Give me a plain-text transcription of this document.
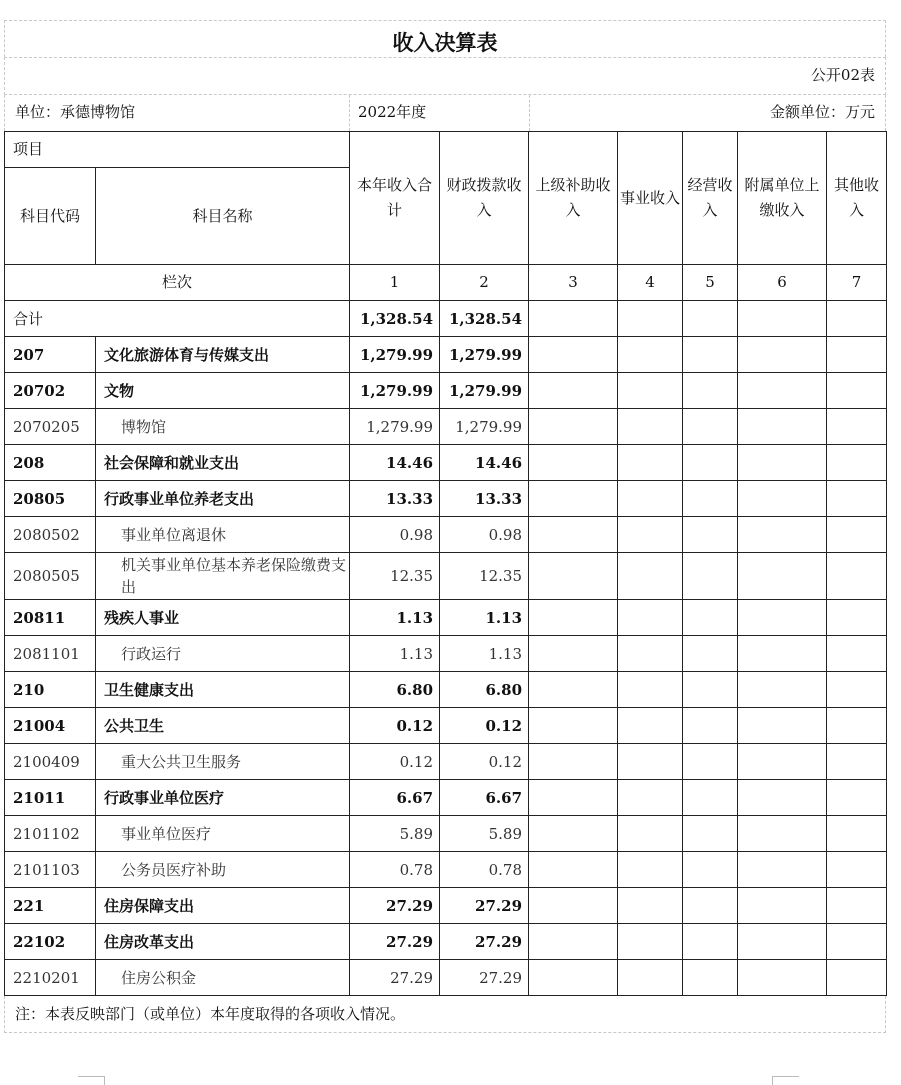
收入决算表
公开02表
单位：承德博物馆	2022年度	金额单位：万元
项目		本年收入合计	财政拨款收入	上级补助收入	事业收入	经营收入	附属单位上缴收入	其他收入
科目代码	科目名称							
栏次		1	2	3	4	5	6	7
合计		1,328.54	1,328.54					
207	文化旅游体育与传媒支出	1,279.99	1,279.99					
20702	文物	1,279.99	1,279.99					
2070205	博物馆	1,279.99	1,279.99					
208	社会保障和就业支出	14.46	14.46					
20805	行政事业单位养老支出	13.33	13.33					
2080502	事业单位离退休	0.98	0.98					
2080505	机关事业单位基本养老保险缴费支出	12.35	12.35					
20811	残疾人事业	1.13	1.13					
2081101	行政运行	1.13	1.13					
210	卫生健康支出	6.80	6.80					
21004	公共卫生	0.12	0.12					
2100409	重大公共卫生服务	0.12	0.12					
21011	行政事业单位医疗	6.67	6.67					
2101102	事业单位医疗	5.89	5.89					
2101103	公务员医疗补助	0.78	0.78					
221	住房保障支出	27.29	27.29					
22102	住房改革支出	27.29	27.29					
2210201	住房公积金	27.29	27.29					
注：本表反映部门（或单位）本年度取得的各项收入情况。
